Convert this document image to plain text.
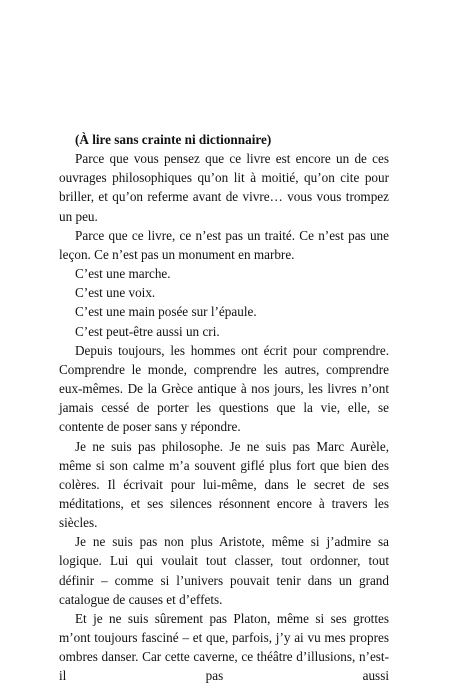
(À lire sans crainte ni dictionnaire)

Parce que vous pensez que ce livre est encore un de ces ouvrages philosophiques qu’on lit à moitié, qu’on cite pour briller, et qu’on referme avant de vivre… vous vous trompez un peu.

Parce que ce livre, ce n’est pas un traité. Ce n’est pas une leçon. Ce n’est pas un monument en marbre.

C’est une marche.

C’est une voix.

C’est une main posée sur l’épaule.

C’est peut-être aussi un cri.

Depuis toujours, les hommes ont écrit pour comprendre. Comprendre le monde, comprendre les autres, comprendre eux-mêmes. De la Grèce antique à nos jours, les livres n’ont jamais cessé de porter les questions que la vie, elle, se contente de poser sans y répondre.

Je ne suis pas philosophe. Je ne suis pas Marc Aurèle, même si son calme m’a souvent giflé plus fort que bien des colères. Il écrivait pour lui-même, dans le secret de ses méditations, et ses silences résonnent encore à travers les siècles.

Je ne suis pas non plus Aristote, même si j’admire sa logique. Lui qui voulait tout classer, tout ordonner, tout définir – comme si l’univers pouvait tenir dans un grand catalogue de causes et d’effets.

Et je ne suis sûrement pas Platon, même si ses grottes m’ont toujours fasciné – et que, parfois, j’y ai vu mes propres ombres danser. Car cette caverne, ce théâtre d’illusions, n’est-il pas aussi
